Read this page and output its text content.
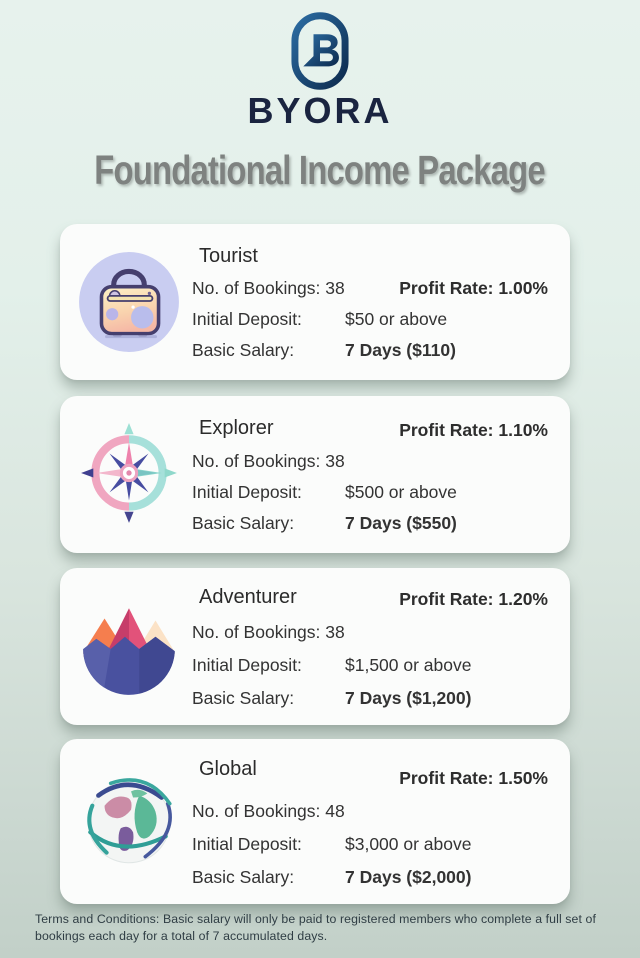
BYORA
Foundational Income Package
Tourist
No. of Bookings: 38	Profit Rate: 1.00%
Initial Deposit:	$50 or above
Basic Salary:	7 Days ($110)
Explorer	Profit Rate: 1.10%
No. of Bookings: 38
Initial Deposit:	$500 or above
Basic Salary:	7 Days ($550)
Adventurer	Profit Rate: 1.20%
No. of Bookings: 38
Initial Deposit:	$1,500 or above
Basic Salary:	7 Days ($1,200)
Global	Profit Rate: 1.50%
No. of Bookings: 48
Initial Deposit:	$3,000 or above
Basic Salary:	7 Days ($2,000)
Terms and Conditions: Basic salary will only be paid to registered members who complete a full set of bookings each day for a total of 7 accumulated days.
